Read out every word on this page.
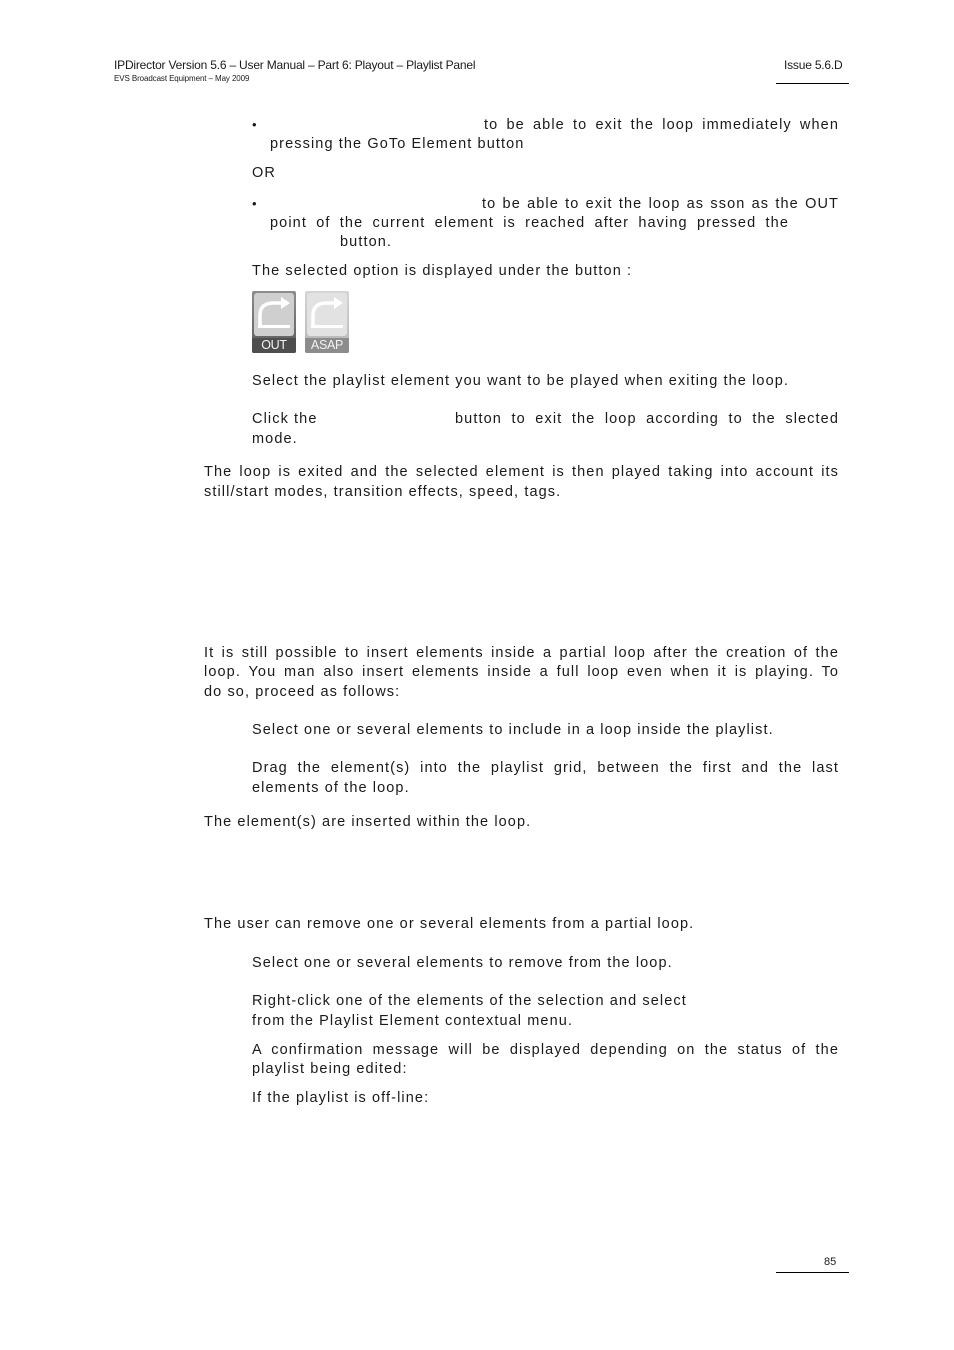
IPDirector Version 5.6 – User Manual – Part 6: Playout – Playlist Panel
EVS Broadcast Equipment – May 2009
Issue 5.6.D
•	to be able to exit the loop immediately when
pressing the GoTo Element button
OR
•	to be able to exit the loop as sson as the OUT
point of the current element is reached after having pressed the
button.
The selected option is displayed under the button :
OUT	ASAP
Select the playlist element you want to be played when exiting the loop.
Click the	button to exit the loop according to the slected
mode.
The loop is exited and the selected element is then played taking into account its
still/start modes, transition effects, speed, tags.
It is still possible to insert elements inside a partial loop after the creation of the
loop. You man also insert elements inside a full loop even when it is playing. To
do so, proceed as follows:
Select one or several elements to include in a loop inside the playlist.
Drag the element(s) into the playlist grid, between the first and the last
elements of the loop.
The element(s) are inserted within the loop.
The user can remove one or several elements from a partial loop.
Select one or several elements to remove from the loop.
Right-click one of the elements of the selection and select
from the Playlist Element contextual menu.
A confirmation message will be displayed depending on the status of the
playlist being edited:
If the playlist is off-line:
85
